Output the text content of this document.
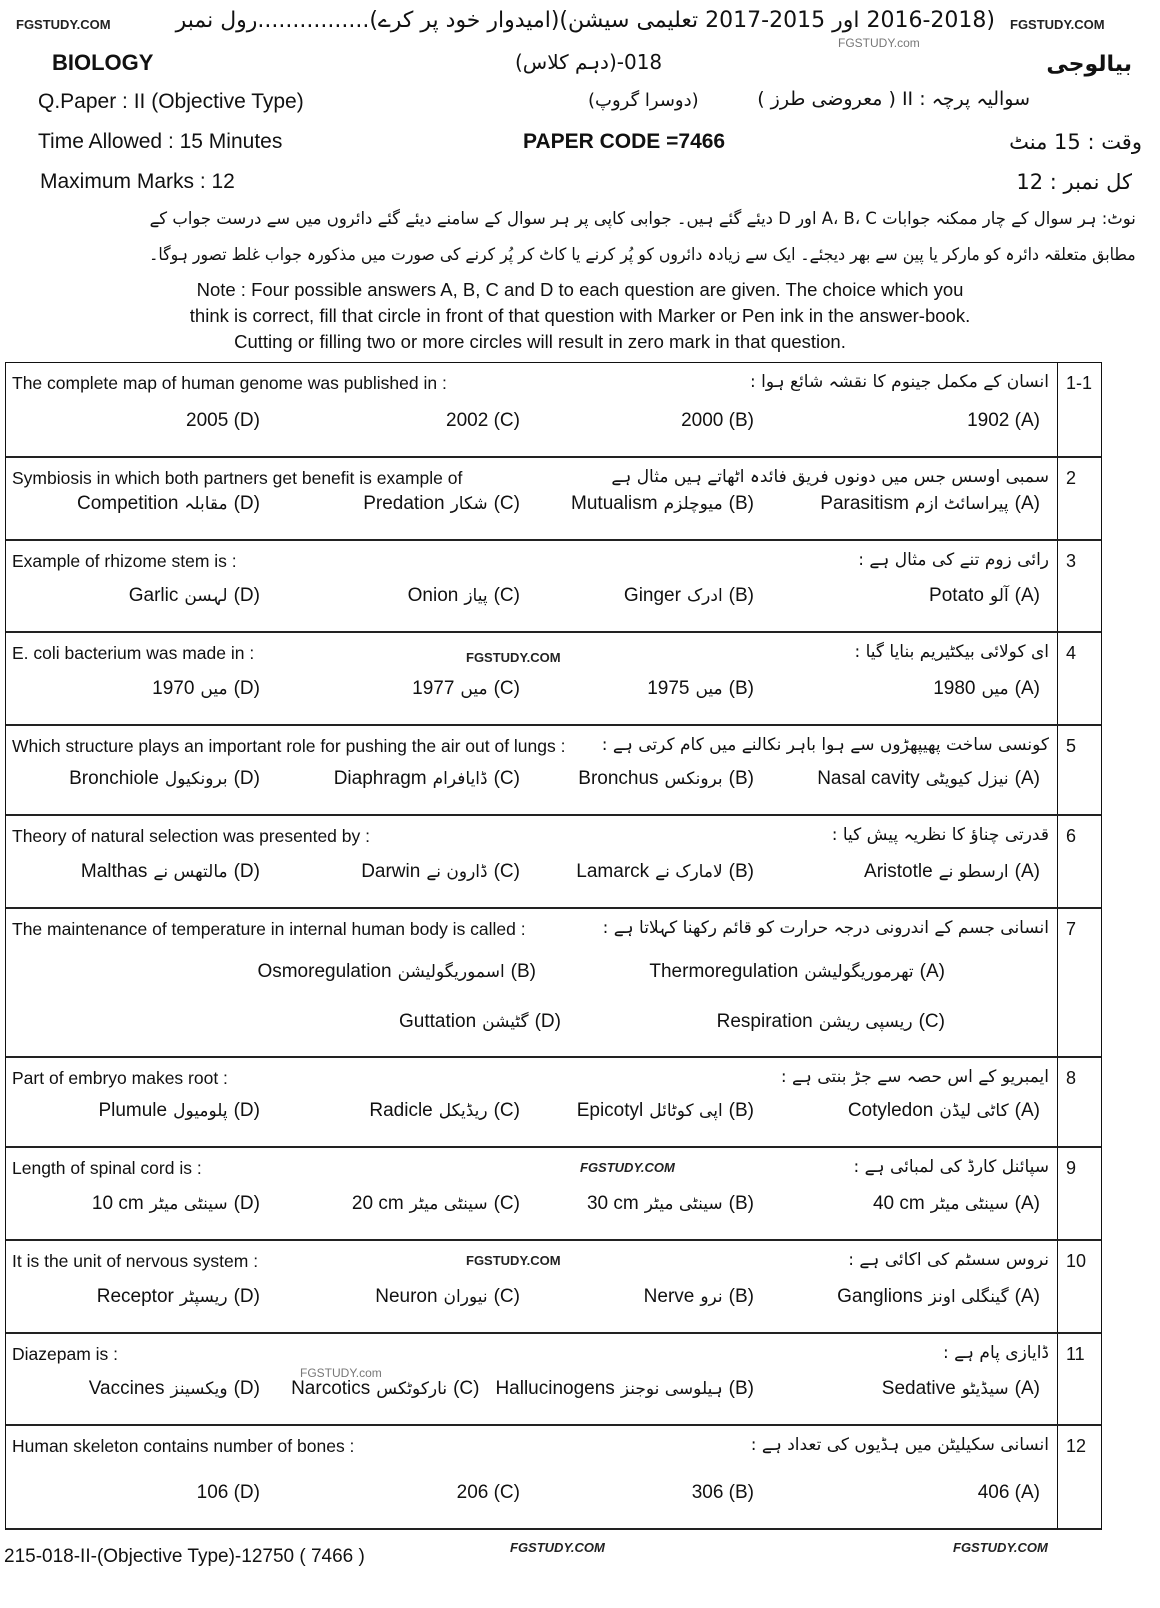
FGSTUDY.COM	(2016-2018 اور 2015-2017 تعلیمی سیشن)(امیدوار خود پر کرے)................رول نمبر FGSTUDY.COM
BIOLOGY	018-(دہم کلاس)
FGSTUDY.com
بیالوجی
Q.Paper : II (Objective Type)	(دوسرا گروپ)	سوالیہ پرچہ : II ( معروضی طرز )
Time Allowed : 15 Minutes	PAPER CODE =7466	وقت : 15 منٹ
Maximum Marks : 12	کل نمبر : 12
نوٹ: ہر سوال کے چار ممکنہ جوابات A، B، C اور D دیئے گئے ہیں۔ جوابی کاپی پر ہر سوال کے سامنے دیئے گئے دائروں میں سے درست جواب کے
مطابق متعلقہ دائرہ کو مارکر یا پین سے بھر دیجئے۔ ایک سے زیادہ دائروں کو پُر کرنے یا کاٹ کر پُر کرنے کی صورت میں مذکورہ جواب غلط تصور ہوگا۔
Note : Four possible answers A, B, C and D to each question are given. The choice which you
think is correct, fill that circle in front of that question with Marker or Pen ink in the answer-book.
Cutting or filling two or more circles will result in zero mark in that question.
The complete map of human genome was published in :	انسان کے مکمل جینوم کا نقشہ شائع ہوا : 1-1
1902 (A)
2000 (B)
2002 (C)
2005 (D)
Symbiosis in which both partners get benefit is example of	سمبی اوسس جس میں دونوں فریق فائدہ اٹھاتے ہیں مثال ہے 2
Parasitism پیراسائٹ ازم (A)
Mutualism میوچلزم (B)
Predation شکار (C)
Competition مقابلہ (D)
Example of rhizome stem is :	رائی زوم تنے کی مثال ہے : 3
Potato آلو (A)
Ginger ادرک (B)
Onion پیاز (C)
Garlic لہسن (D)
E. coli bacterium was made in :	ای کولائی بیکٹیریم بنایا گیا : 4
1980 میں (A)
1975 میں (B)
1977 میں (C)
1970 میں (D)
Which structure plays an important role for pushing the air out of lungs : کونسی ساخت پھیپھڑوں سے ہوا باہر نکالنے میں کام کرتی ہے : 5
Nasal cavity نیزل کیویٹی (A)
Bronchus برونکس (B)
Diaphragm ڈایافرام (C)
Bronchiole برونکیول (D)
Theory of natural selection was presented by :	قدرتی چناؤ کا نظریہ پیش کیا : 6
Aristotle ارسطو نے (A)
Lamarck لامارک نے (B)
Darwin ڈارون نے (C)
Malthas مالتھس نے (D)
The maintenance of temperature in internal human body is called :	انسانی جسم کے اندرونی درجہ حرارت کو قائم رکھنا کہلاتا ہے : 7
Thermoregulation تھرموریگولیشن (A)
Osmoregulation اسموریگولیشن (B)
Respiration ریسپی ریشن (C)
Guttation گٹیشن (D)
Part of embryo makes root :	ایمبریو کے اس حصہ سے جڑ بنتی ہے : 8
Cotyledon کاٹی لیڈن (A)
Epicotyl اپی کوٹائل (B)
Radicle ریڈیکل (C)
Plumule پلومیول (D)
Length of spinal cord is :	سپائنل کارڈ کی لمبائی ہے : 9
40 cm سینٹی میٹر (A)
30 cm سینٹی میٹر (B)
20 cm سینٹی میٹر (C)
10 cm سینٹی میٹر (D)
It is the unit of nervous system :	نروس سسٹم کی اکائی ہے : 10
Ganglions گینگلی اونز (A)
Nerve نرو (B)
Neuron نیوران (C)
Receptor ریسپٹر (D)
Diazepam is :	ڈایازی پام ہے : 11
Sedative سیڈیٹو (A)
Hallucinogens ہیلوسی نوجنز (B)
Narcotics نارکوٹکس (C)
Vaccines ویکسینز (D)
Human skeleton contains number of bones :	انسانی سکیلیٹن میں ہڈیوں کی تعداد ہے : 12
406 (A)
306 (B)
206 (C)
106 (D)
FGSTUDY.COM
FGSTUDY.COM
FGSTUDY.COM
FGSTUDY.com
215-018-II-(Objective Type)-12750 ( 7466 )	FGSTUDY.COM	FGSTUDY.COM
